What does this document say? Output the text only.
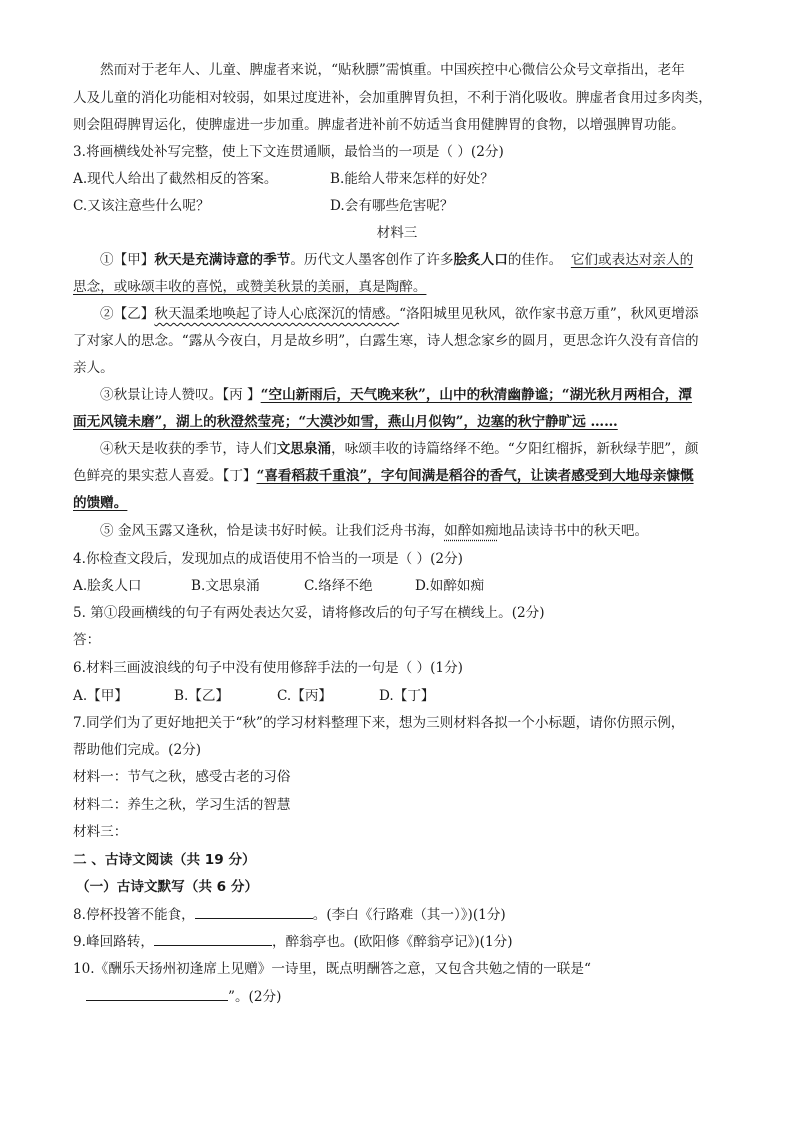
然而对于老年人、儿童、脾虚者来说，“贴秋膘”需慎重。中国疾控中心微信公众号文章指出，老年
人及儿童的消化功能相对较弱，如果过度进补，会加重脾胃负担，不利于消化吸收。脾虚者食用过多肉类，
则会阻碍脾胃运化，使脾虚进一步加重。脾虚者进补前不妨适当食用健脾胃的食物，以增强脾胃功能。
3.将画横线处补写完整，使上下文连贯通顺，最恰当的一项是（ ）(2分)
A.现代人给出了截然相反的答案。	B.能给人带来怎样的好处？
C.又该注意些什么呢？	D.会有哪些危害呢？
材料三
①【甲】秋天是充满诗意的季节。历代文人墨客创作了许多脍炙人口的佳作。 它们或表达对亲人的
思念，或咏颂丰收的喜悦，或赞美秋景的美丽，真是陶醉。
②【乙】秋天温柔地唤起了诗人心底深沉的情感。“洛阳城里见秋风，欲作家书意万重”，秋风更增添
了对家人的思念。“露从今夜白，月是故乡明”，白露生寒，诗人想念家乡的圆月，更思念许久没有音信的
亲人。
③秋景让诗人赞叹。【丙 】“空山新雨后，天气晚来秋”，山中的秋清幽静谧；“湖光秋月两相合，潭
面无风镜未磨”，湖上的秋澄然莹亮；“大漠沙如雪，燕山月似钩”，边塞的秋宁静旷远 ……
④秋天是收获的季节，诗人们文思泉涌，咏颂丰收的诗篇络绎不绝。“夕阳红榴拆，新秋绿芋肥”，颜
色鲜亮的果实惹人喜爱。【丁】“喜看稻菽千重浪”，字句间满是稻谷的香气，让读者感受到大地母亲慷慨
的馈赠。
⑤ 金风玉露又逢秋，恰是读书好时候。让我们泛舟书海，如醉如痴地品读诗书中的秋天吧。
4.你检查文段后，发现加点的成语使用不恰当的一项是（ ）(2分)
A.脍炙人口	B.文思泉涌	C.络绎不绝	D.如醉如痴
5. 第①段画横线的句子有两处表达欠妥，请将修改后的句子写在横线上。(2分)
答：
6.材料三画波浪线的句子中没有使用修辞手法的一句是（ ）(1分)
A.【甲】	B.【乙】	C.【丙】	D.【丁】
7.同学们为了更好地把关于“秋”的学习材料整理下来，想为三则材料各拟一个小标题，请你仿照示例，
帮助他们完成。(2分)
材料一：节气之秋，感受古老的习俗
材料二：养生之秋，学习生活的智慧
材料三：
二 、古诗文阅读（共 19 分）
（一）古诗文默写（共 6 分）
8.停杯投箸不能食，	。(李白《行路难（其一）》)(1分)
9.峰回路转，	，醉翁亭也。(欧阳修《醉翁亭记》)(1分)
10.《酬乐天扬州初逢席上见赠》一诗里，既点明酬答之意，又包含共勉之情的一联是“
”。(2分)
